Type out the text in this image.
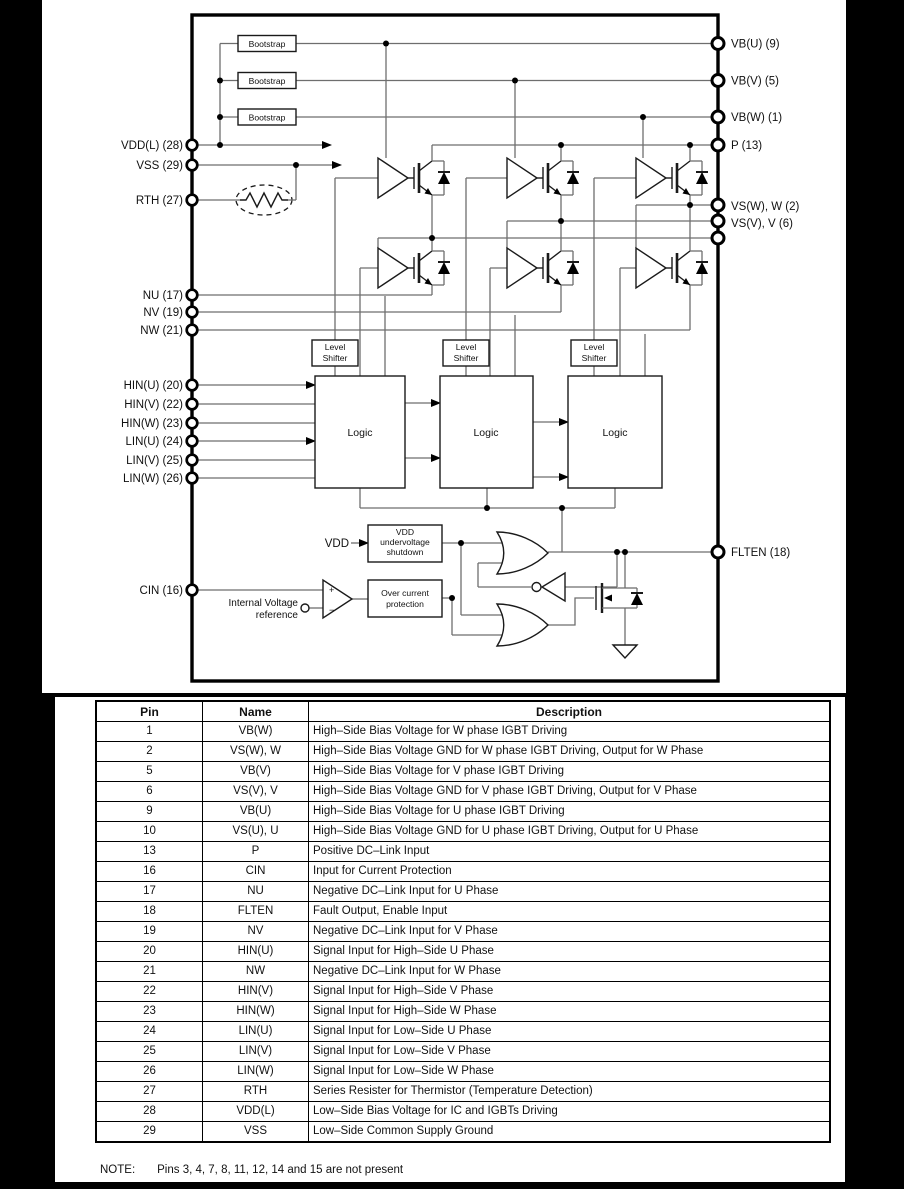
Bootstrap
Bootstrap
Bootstrap
Level
Shifter
Level
Shifter
Level
Shifter
Logic	Logic	Logic
VDD
VDD
undervoltage
shutdown
+
−
Internal Voltage
reference
Over current
protection
VDD(L) (28)
VSS (29)
RTH (27)
NU (17)
NV (19)
NW (21)
HIN(U) (20)
HIN(V) (22)
HIN(W) (23)
LIN(U) (24)
LIN(V) (25)
LIN(W) (26)
CIN (16)
VB(U) (9)
VB(V) (5)
VB(W) (1)
P (13)
VS(W), W (2)
VS(V), V (6)
FLTEN (18)
Pin	Name	Description
1	VB(W)	High–Side Bias Voltage for W phase IGBT Driving
2	VS(W), W	High–Side Bias Voltage GND for W phase IGBT Driving, Output for W Phase
5	VB(V)	High–Side Bias Voltage for V phase IGBT Driving
6	VS(V), V	High–Side Bias Voltage GND for V phase IGBT Driving, Output for V Phase
9	VB(U)	High–Side Bias Voltage for U phase IGBT Driving
10	VS(U), U	High–Side Bias Voltage GND for U phase IGBT Driving, Output for U Phase
13	P	Positive DC–Link Input
16	CIN	Input for Current Protection
17	NU	Negative DC–Link Input for U Phase
18	FLTEN	Fault Output, Enable Input
19	NV	Negative DC–Link Input for V Phase
20	HIN(U)	Signal Input for High–Side U Phase
21	NW	Negative DC–Link Input for W Phase
22	HIN(V)	Signal Input for High–Side V Phase
23	HIN(W)	Signal Input for High–Side W Phase
24	LIN(U)	Signal Input for Low–Side U Phase
25	LIN(V)	Signal Input for Low–Side V Phase
26	LIN(W)	Signal Input for Low–Side W Phase
27	RTH	Series Resister for Thermistor (Temperature Detection)
28	VDD(L)	Low–Side Bias Voltage for IC and IGBTs Driving
29	VSS	Low–Side Common Supply Ground
NOTE: Pins 3, 4, 7, 8, 11, 12, 14 and 15 are not present
